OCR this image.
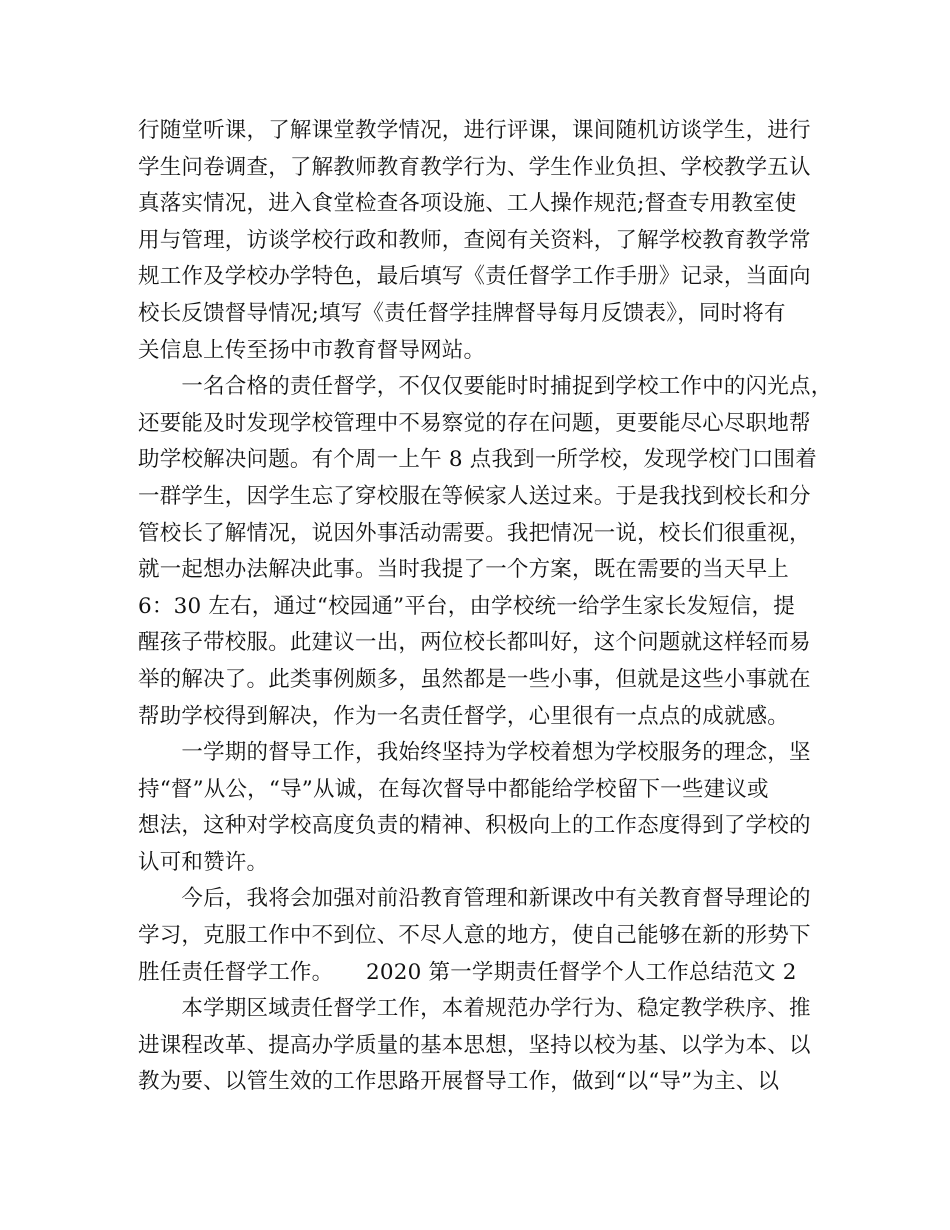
行随堂听课，了解课堂教学情况，进行评课，课间随机访谈学生，进行
学生问卷调查，了解教师教育教学行为、学生作业负担、学校教学五认
真落实情况，进入食堂检查各项设施、工人操作规范;督查专用教室使
用与管理，访谈学校行政和教师，查阅有关资料，了解学校教育教学常
规工作及学校办学特色，最后填写《责任督学工作手册》记录，当面向
校长反馈督导情况;填写《责任督学挂牌督导每月反馈表》，同时将有
关信息上传至扬中市教育督导网站。
　　一名合格的责任督学，不仅仅要能时时捕捉到学校工作中的闪光点，
还要能及时发现学校管理中不易察觉的存在问题，更要能尽心尽职地帮
助学校解决问题。有个周一上午 8 点我到一所学校，发现学校门口围着
一群学生，因学生忘了穿校服在等候家人送过来。于是我找到校长和分
管校长了解情况，说因外事活动需要。我把情况一说，校长们很重视，
就一起想办法解决此事。当时我提了一个方案，既在需要的当天早上
6：30 左右，通过“校园通”平台，由学校统一给学生家长发短信，提
醒孩子带校服。此建议一出，两位校长都叫好，这个问题就这样轻而易
举的解决了。此类事例颇多，虽然都是一些小事，但就是这些小事就在
帮助学校得到解决，作为一名责任督学，心里很有一点点的成就感。
　　一学期的督导工作，我始终坚持为学校着想为学校服务的理念，坚
持“督”从公，“导”从诚，在每次督导中都能给学校留下一些建议或
想法，这种对学校高度负责的精神、积极向上的工作态度得到了学校的
认可和赞许。
　　今后，我将会加强对前沿教育管理和新课改中有关教育督导理论的
学习，克服工作中不到位、不尽人意的地方，使自己能够在新的形势下
胜任责任督学工作。　　2020 第一学期责任督学个人工作总结范文 2
　　本学期区域责任督学工作，本着规范办学行为、稳定教学秩序、推
进课程改革、提高办学质量的基本思想，坚持以校为基、以学为本、以
教为要、以管生效的工作思路开展督导工作，做到“以“导”为主、以
